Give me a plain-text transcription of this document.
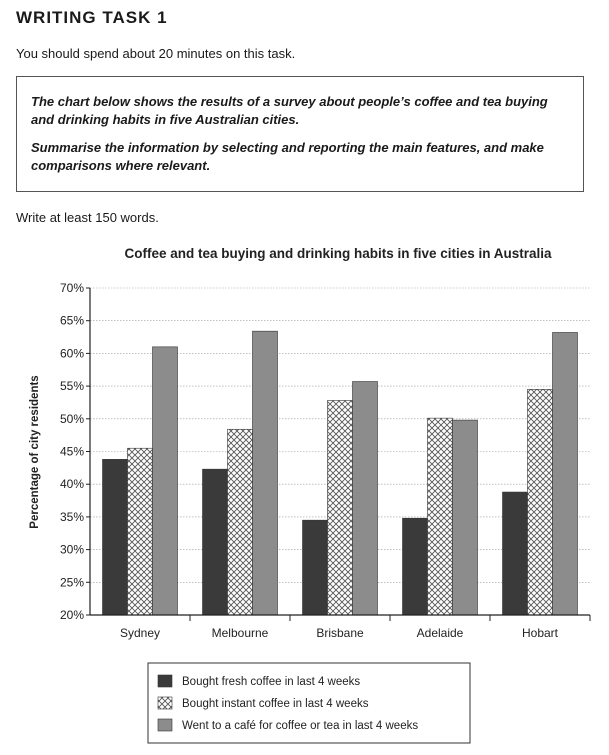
WRITING TASK 1
You should spend about 20 minutes on this task.

The chart below shows the results of a survey about people’s coffee and tea buying and drinking habits in five Australian cities.

Summarise the information by selecting and reporting the main features, and make comparisons where relevant.

Write at least 150 words.
Coffee and tea buying and drinking habits in five cities in Australia
20%
25%
30%
35%
40%
45%
50%
55%
60%
65%
70%
Percentage of city residents
Sydney	Melbourne	Brisbane	Adelaide	Hobart
Bought fresh coffee in last 4 weeks
Bought instant coffee in last 4 weeks
Went to a café for coffee or tea in last 4 weeks
